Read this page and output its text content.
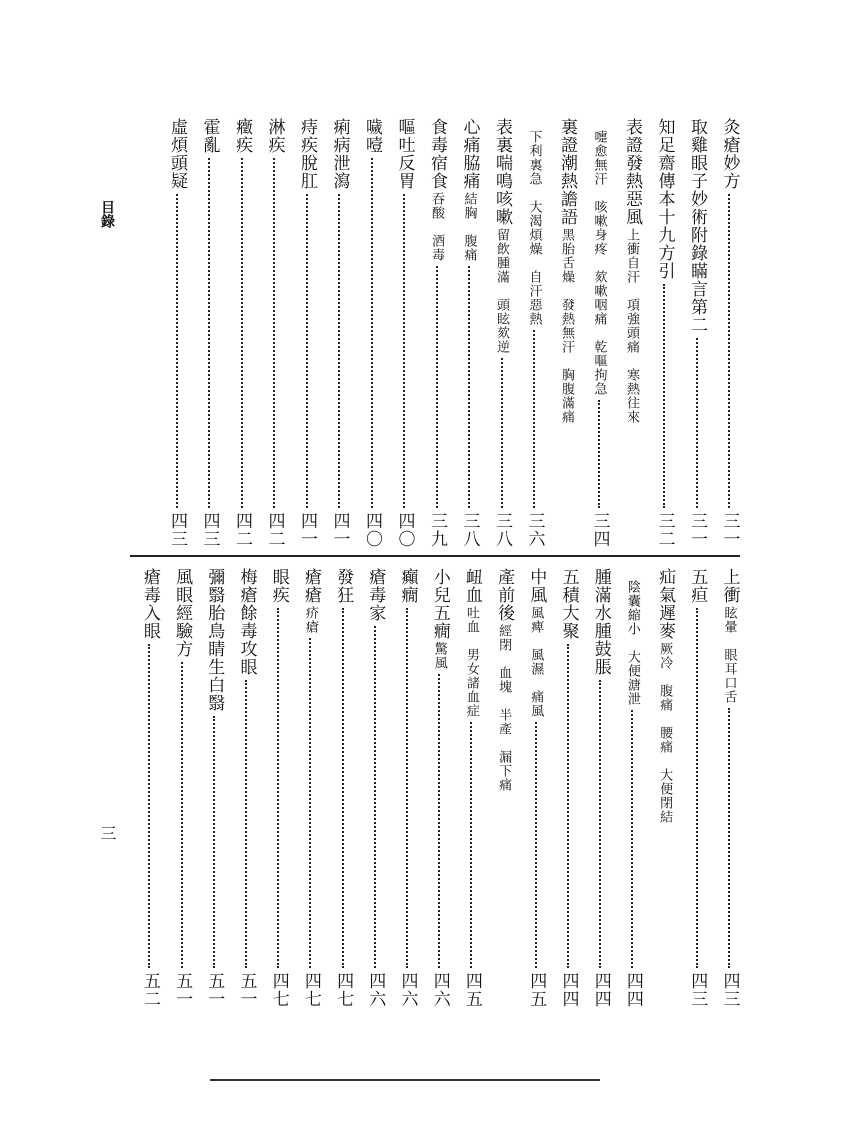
目錄
三
灸瘡妙方
三一
取雞眼子妙術附錄瞞言第二
三一
知足齋傳本十九方引
三二
表證發熱惡風
上衝自汗　項強頭痛　寒熱往來
嚏愈無汗　咳嗽身疼　欬嗽咽痛　乾嘔拘急
三四
裏證潮熱譫語
黑胎舌燥　發熱無汗　胸腹滿痛
下利裏急　大渴煩燥　自汗惡熱
三六
表裏喘鳴咳嗽
留飲腫滿　頭眩欬逆
三八
心痛脇痛
結胸　腹痛
三八
食毒宿食
吞酸　酒毒
三九
嘔吐反胃
四〇
噦噎
四〇
痢病泄瀉
四一
痔疾脫肛
四一
淋疾
四二
癥疾
四二
霍亂
四三
虛煩頭疑
四三
上衝
眩暈　眼耳口舌
四三
五疸
四三
疝氣遲麥
厥冷　腹痛　腰痛　大便閉結
陰囊縮小　大便溏泄
四四
腫滿水腫鼓脹
四四
五積大聚
四四
中風
風痺　風濕　痛風
四五
產前後
經閉　血塊　半產　漏下痛
衄血
吐血　男女諸血症
四五
小兒五癇
驚風
四六
癲癇
四六
瘡毒家
四六
發狂
四七
瘡瘡
疥瘡
四七
眼疾
四七
梅瘡餘毒攻眼
五一
彌翳胎鳥睛生白翳
五一
風眼經驗方
五一
瘡毒入眼
五二
